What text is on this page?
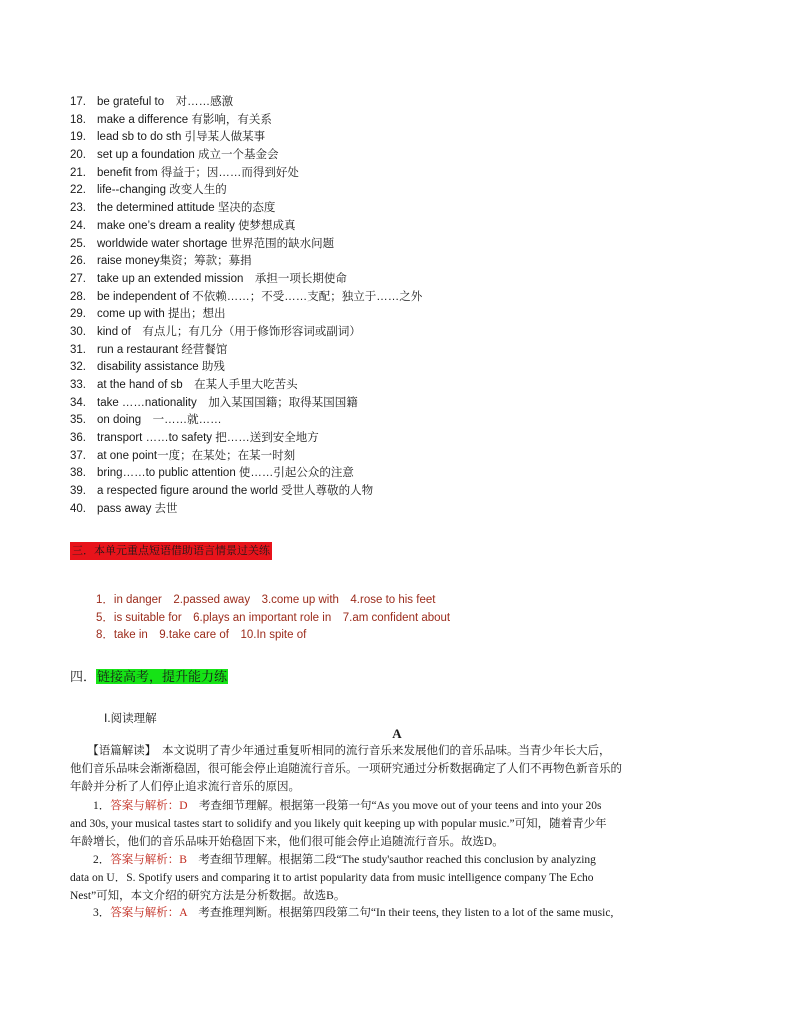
17. be grateful to　对……感激
18. make a difference 有影响，有关系
19. lead sb to do sth 引导某人做某事
20. set up a foundation 成立一个基金会
21. benefit from 得益于；因……而得到好处
22. life--changing 改变人生的
23. the determined attitude 坚决的态度
24. make one’s dream a reality 使梦想成真
25. worldwide water shortage 世界范围的缺水问题
26. raise money集资；筹款；募捐
27. take up an extended mission　承担一项长期使命
28. be independent of 不依赖……；不受……支配；独立于……之外
29. come up with 提出；想出
30. kind of　有点儿；有几分（用于修饰形容词或副词）
31. run a restaurant 经营餐馆
32. disability assistance 助残
33. at the hand of sb　在某人手里大吃苦头
34. take ……nationality　加入某国国籍；取得某国国籍
35. on doing　一……就……
36. transport ……to safety 把……送到安全地方
37. at one point一度；在某处；在某一时刻
38. bring……to public attention 使……引起公众的注意
39. a respected figure around the world 受世人尊敬的人物
40. pass away 去世
三．本单元重点短语借助语言情景过关练
1．in danger　2.passed away　3.come up with　4.rose to his feet
5．is suitable for　6.plays an important role in　7.am confident about
8．take in　9.take care of　10.In spite of
四．链接高考，提升能力练
Ⅰ.阅读理解
A
　　【语篇解读】　本文说明了青少年通过重复听相同的流行音乐来发展他们的音乐品味。当青少年长大后，
他们音乐品味会渐渐稳固，很可能会停止追随流行音乐。一项研究通过分析数据确定了人们不再物色新音乐的
年龄并分析了人们停止追求流行音乐的原因。
　　1．答案与解析：D　考查细节理解。根据第一段第一句“As you move out of your teens and into your 20s
and 30s, your musical tastes start to solidify and you likely quit keeping up with popular music.”可知，随着青少年
年龄增长，他们的音乐品味开始稳固下来，他们很可能会停止追随流行音乐。故选D。
　　2．答案与解析：B　考查细节理解。根据第二段“The study'sauthor reached this conclusion by analyzing
data on U．S. Spotify users and comparing it to artist popularity data from music intelligence company The Echo
Nest”可知，本文介绍的研究方法是分析数据。故选B。
　　3．答案与解析：A　考查推理判断。根据第四段第二句“In their teens, they listen to a lot of the same music,
